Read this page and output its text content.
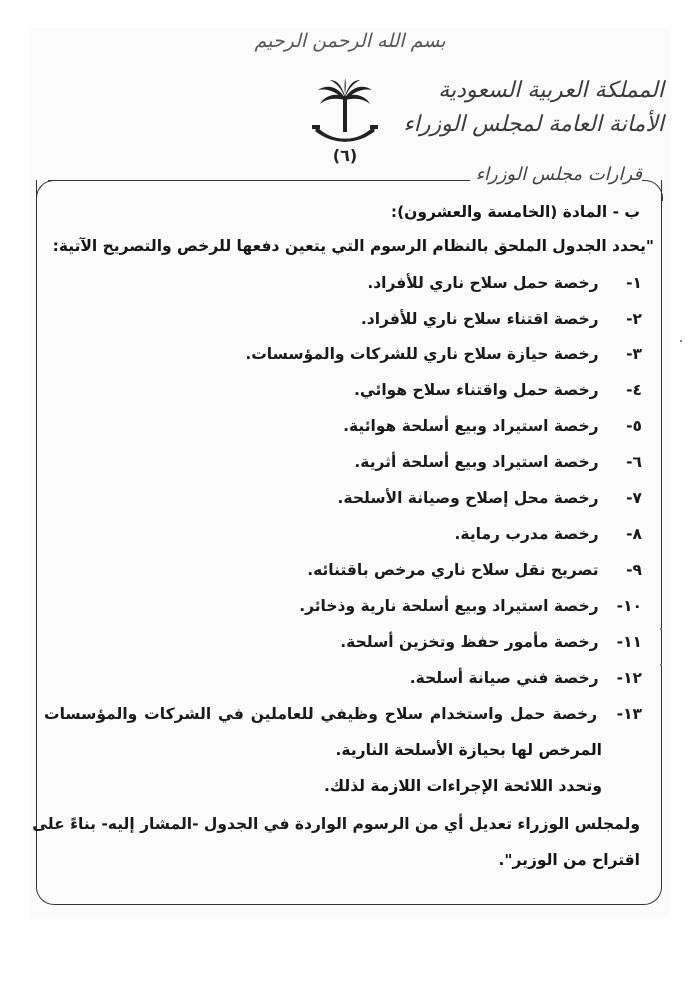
بسم الله الرحمن الرحيم
(٦)
المملكة العربية السعودية
الأمانة العامة لمجلس الوزراء
قرارات مجلس الوزراء
ب - المادة (الخامسة والعشرون):
"يحدد الجدول الملحق بالنظام الرسوم التي يتعين دفعها للرخص والتصريح الآتية:
١- رخصة حمل سلاح ناري للأفراد.
٢- رخصة اقتناء سلاح ناري للأفراد.
٣- رخصة حيازة سلاح ناري للشركات والمؤسسات.
٤- رخصة حمل واقتناء سلاح هوائي.
٥- رخصة استيراد وبيع أسلحة هوائية.
٦- رخصة استيراد وبيع أسلحة أثرية.
٧- رخصة محل إصلاح وصيانة الأسلحة.
٨- رخصة مدرب رماية.
٩- تصريح نقل سلاح ناري مرخص باقتنائه.
١٠- رخصة استيراد وبيع أسلحة نارية وذخائر.
١١- رخصة مأمور حفظ وتخزين أسلحة.
١٢- رخصة فني صيانة أسلحة.
١٣- رخصة حمل واستخدام سلاح وظيفي للعاملين في الشركات والمؤسسات
المرخص لها بحيازة الأسلحة النارية.
وتحدد اللائحة الإجراءات اللازمة لذلك.
ولمجلس الوزراء تعديل أي من الرسوم الواردة في الجدول -المشار إليه- بناءً على
اقتراح من الوزير".
